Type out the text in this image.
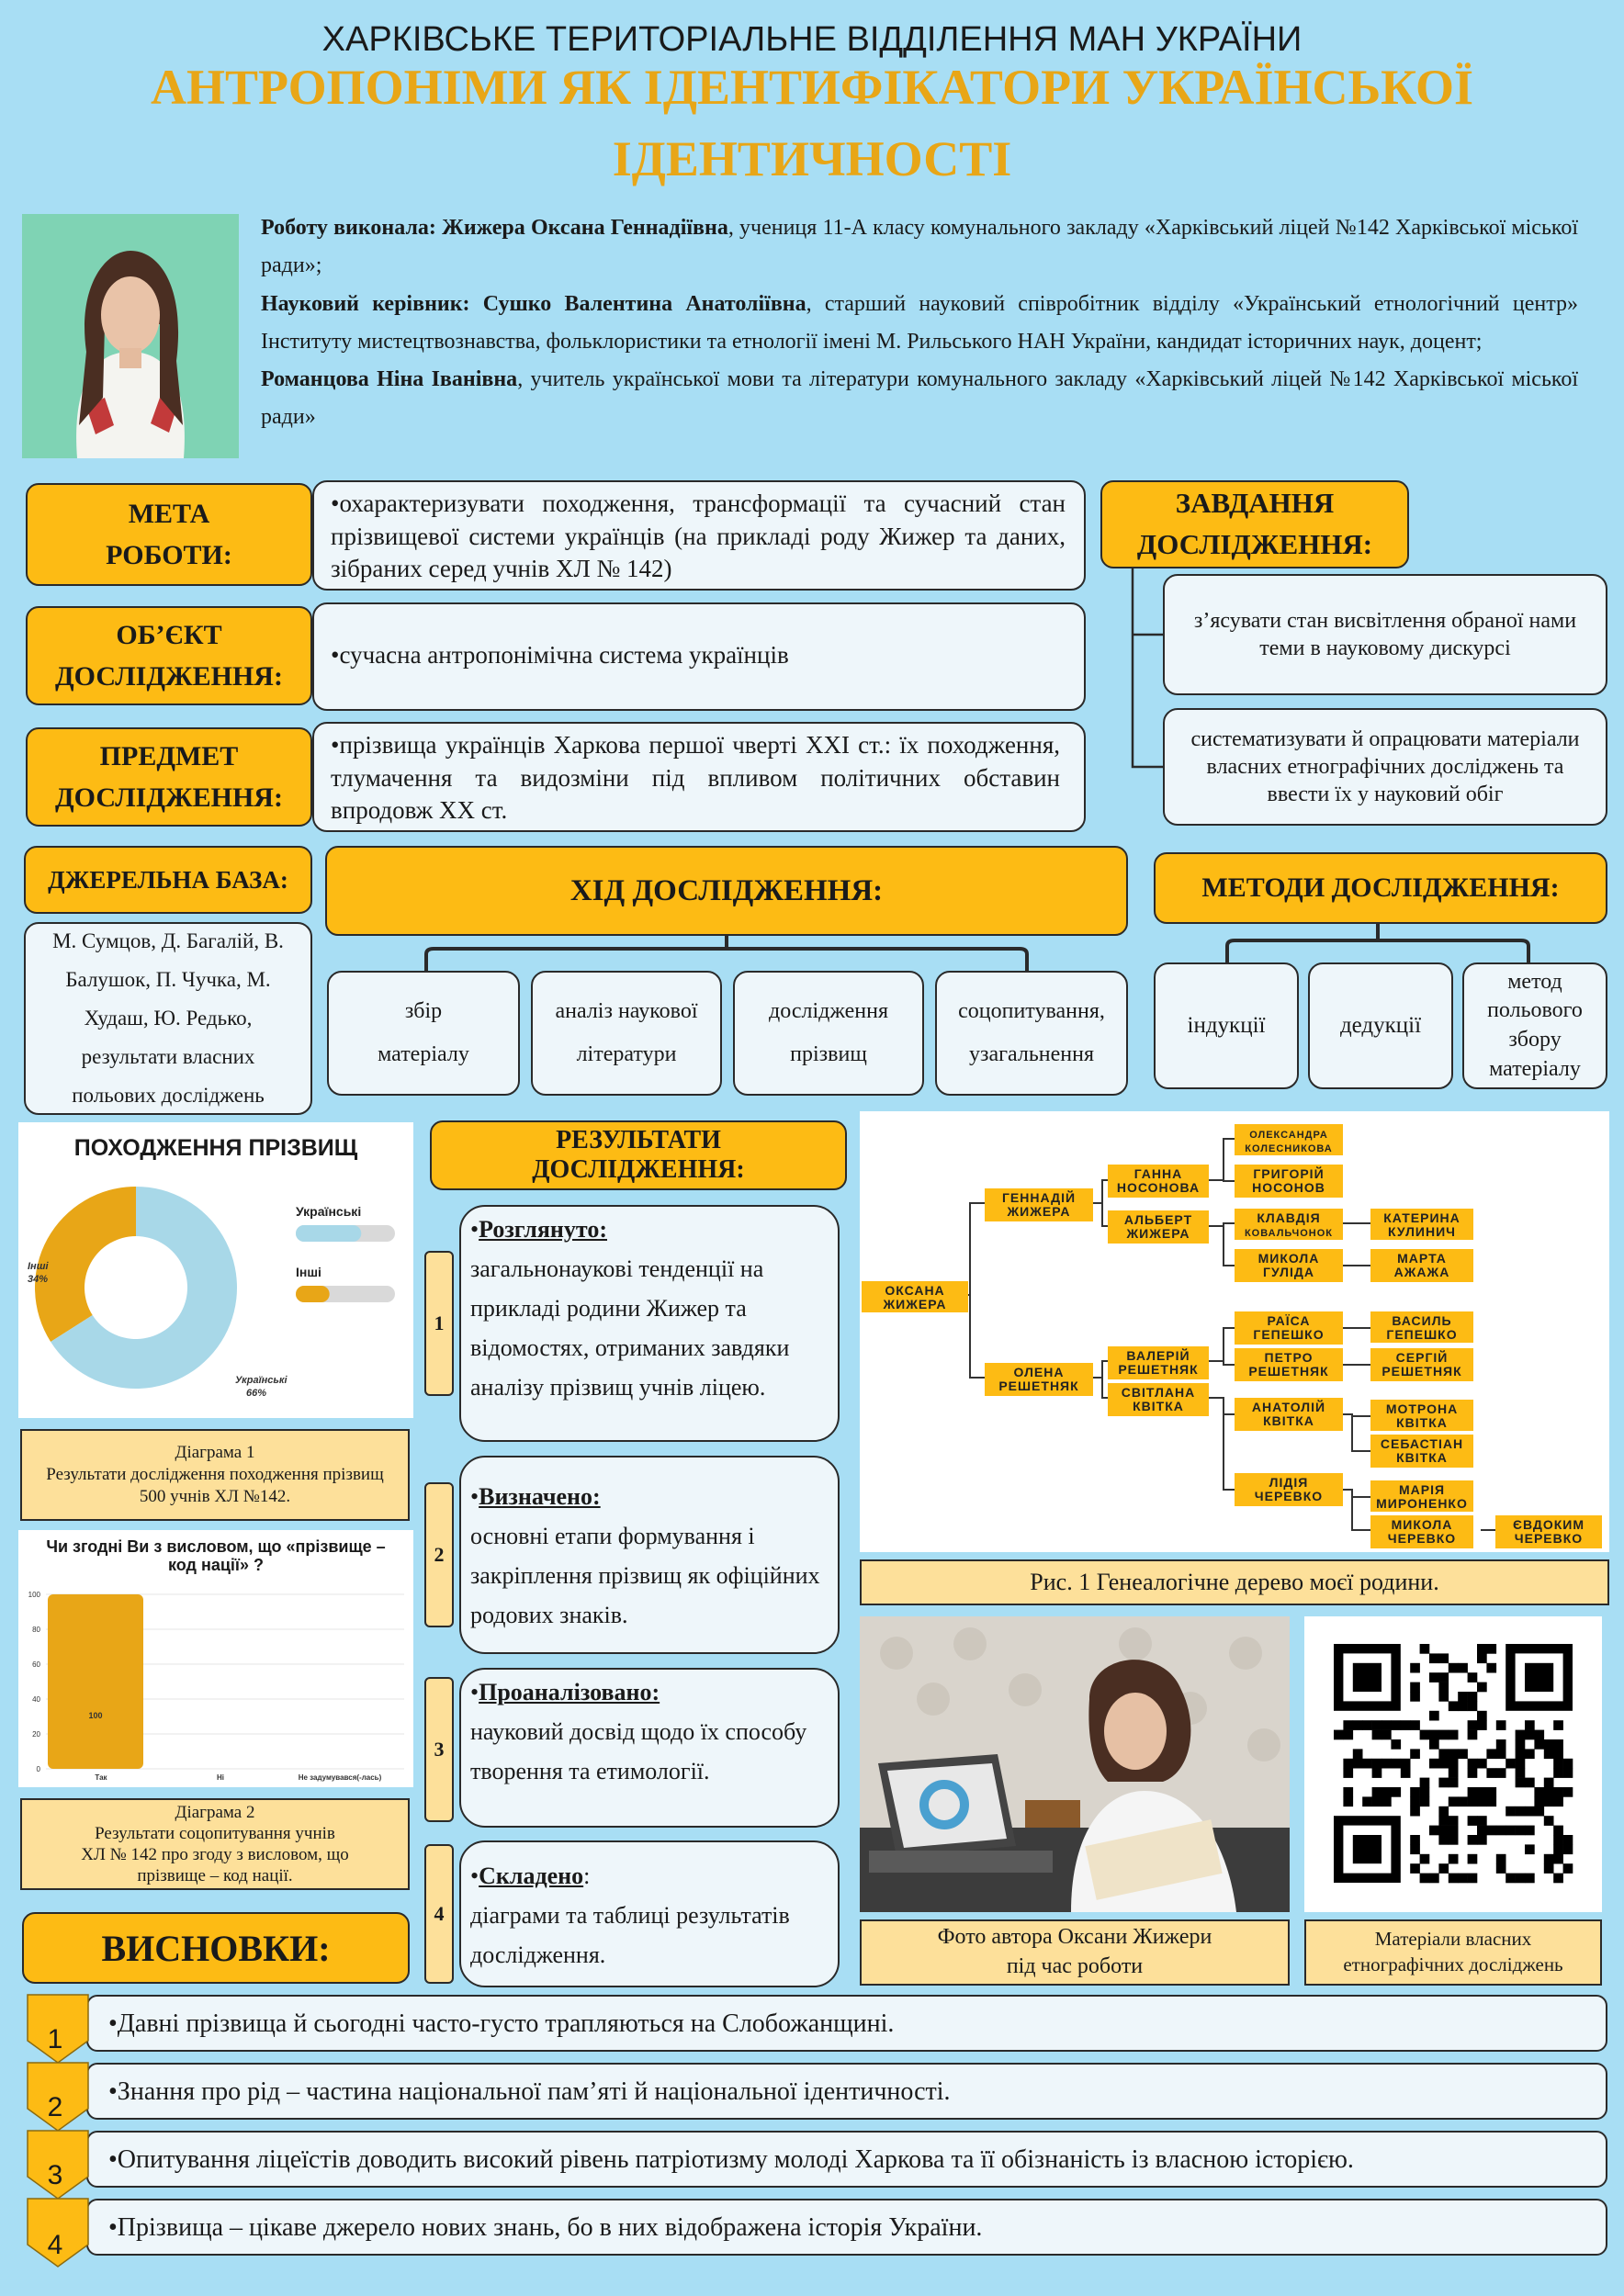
ХАРКІВСЬКЕ ТЕРИТОРІАЛЬНЕ ВІДДІЛЕННЯ МАН УКРАЇНИ
АНТРОПОНІМИ ЯК ІДЕНТИФІКАТОРИ УКРАЇНСЬКОЇ
ІДЕНТИЧНОСТІ
Роботу виконала: Жижера Оксана Геннадіївна, учениця 11-А класу комунального закладу «Харківський ліцей №142 Харківської міської ради»;
Науковий керівник: Сушко Валентина Анатоліївна, старший науковий співробітник відділу «Український етнологічний центр» Інституту мистецтвознавства, фольклористики та етнології імені М. Рильського НАН України, кандидат історичних наук, доцент;
Романцова Ніна Іванівна, учитель української мови та літератури комунального закладу «Харківський ліцей №142 Харківської міської ради»
МЕТА
РОБОТИ:
•охарактеризувати походження, трансформації та сучасний стан прізвищевої системи українців (на прикладі роду Жижер та даних, зібраних серед учнів ХЛ № 142)
ОБ’ЄКТ
ДОСЛІДЖЕННЯ:
•сучасна антропонімічна система українців
ПРЕДМЕТ
ДОСЛІДЖЕННЯ:
•прізвища українців Харкова першої чверті ХХІ ст.: їх походження, тлумачення та видозміни під впливом політичних обставин впродовж ХХ ст.
ЗАВДАННЯ
ДОСЛІДЖЕННЯ:
з’ясувати стан висвітлення обраної нами теми в науковому дискурсі
систематизувати й опрацювати матеріали власних етнографічних досліджень та ввести їх у науковий обіг
ДЖЕРЕЛЬНА БАЗА:
М. Сумцов, Д. Багалій, В. Балушок, П. Чучка, М. Худаш, Ю. Редько, результати власних польових досліджень
ХІД ДОСЛІДЖЕННЯ:
збір
матеріалу
аналіз наукової
літератури
дослідження
прізвищ
соцопитування,
узагальнення
МЕТОДИ ДОСЛІДЖЕННЯ:
індукції	дедукції
метод польового збору матеріалу
ПОХОДЖЕННЯ ПРІЗВИЩ
Інші
34%
Українські
66%
Українські
Інші
Діаграма 1
Результати дослідження походження прізвищ
500 учнів ХЛ №142.
Чи згодні Ви з висловом, що «прізвище – код нації» ?
0
20
40
60
80
100
Так
100
Ні	Не задумувався(-лась)
Діаграма 2
Результати соцопитування учнів
ХЛ № 142 про згоду з висловом, що
прізвище – код нації.
ВИСНОВКИ:
РЕЗУЛЬТАТИ
ДОСЛІДЖЕННЯ:
1
•Розглянуто:
загальнонаукові тенденції на прикладі родини Жижер та відомостях, отриманих завдяки аналізу прізвищ учнів ліцею.
2
•Визначено:
основні етапи формування і закріплення прізвищ як офіційних родових знаків.
3
•Проаналізовано:
науковий досвід щодо їх способу творення та етимології.
4
•Складено:
діаграми та таблиці результатів дослідження.
ОКСАНА
ЖИЖЕРА
ГЕННАДІЙ
ЖИЖЕРА
ОЛЕНА
РЕШЕТНЯК
ГАННА
НОСОНОВА
АЛЬБЕРТ
ЖИЖЕРА
ВАЛЕРІЙ
РЕШЕТНЯК
СВІТЛАНА
КВІТКА
ОЛЕКСАНДРА
КОЛЕСНИКОВА
ГРИГОРІЙ
НОСОНОВ
КЛАВДІЯ
КОВАЛЬЧОНОК
МИКОЛА
ГУЛІДА
КАТЕРИНА
КУЛИНИЧ
МАРТА
АЖАЖА
РАЇСА
ГЕПЕШКО
ПЕТРО
РЕШЕТНЯК
ВАСИЛЬ
ГЕПЕШКО
СЕРГІЙ
РЕШЕТНЯК
АНАТОЛІЙ
КВІТКА
ЛІДІЯ
ЧЕРЕВКО
МОТРОНА
КВІТКА
СЕБАСТІАН
КВІТКА
МАРІЯ
МИРОНЕНКО
МИКОЛА
ЧЕРЕВКО
ЄВДОКИМ
ЧЕРЕВКО
Рис. 1 Генеалогічне дерево моєї родини.
Фото автора Оксани Жижери
під час роботи
Матеріали власних
етнографічних досліджень
•Давні прізвища й сьогодні часто-густо трапляються на Слобожанщині.
•Знання про рід – частина національної пам’яті й національної ідентичності.
•Опитування ліцеїстів доводить високий рівень патріотизму молоді Харкова та її обізнаність із власною історією.
•Прізвища – цікаве джерело нових знань, бо в них відображена історія України.
1
2
3
4
